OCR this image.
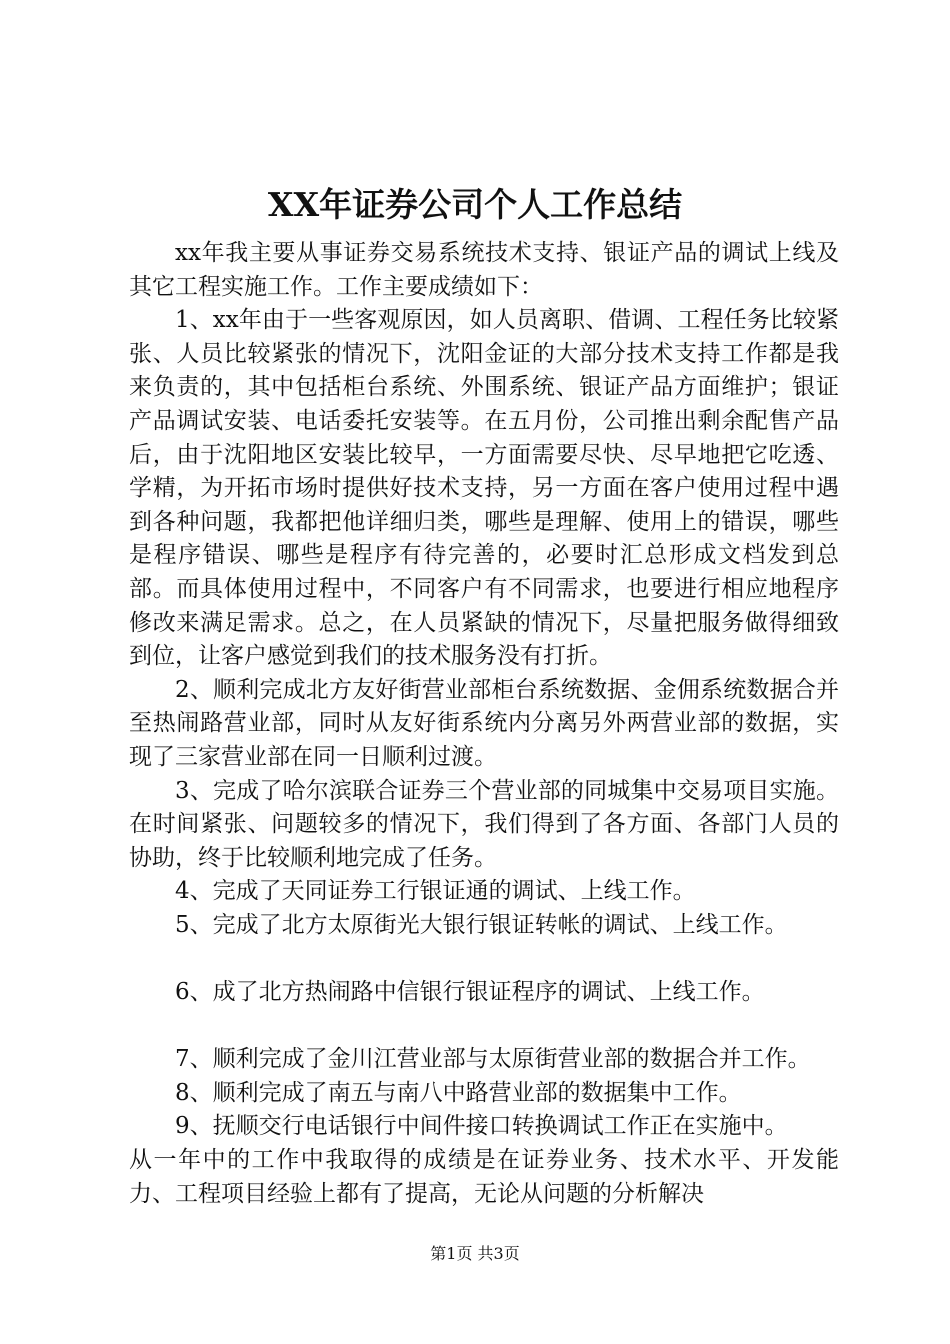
XX年证券公司个人工作总结

xx年我主要从事证券交易系统技术支持、银证产品的调试上线及其它工程实施工作。工作主要成绩如下：

1、xx年由于一些客观原因，如人员离职、借调、工程任务比较紧张、人员比较紧张的情况下，沈阳金证的大部分技术支持工作都是我来负责的，其中包括柜台系统、外围系统、银证产品方面维护；银证产品调试安装、电话委托安装等。在五月份，公司推出剩余配售产品后，由于沈阳地区安装比较早，一方面需要尽快、尽早地把它吃透、学精，为开拓市场时提供好技术支持，另一方面在客户使用过程中遇到各种问题，我都把他详细归类，哪些是理解、使用上的错误，哪些是程序错误、哪些是程序有待完善的，必要时汇总形成文档发到总部。而具体使用过程中，不同客户有不同需求，也要进行相应地程序修改来满足需求。总之，在人员紧缺的情况下，尽量把服务做得细致到位，让客户感觉到我们的技术服务没有打折。

2、顺利完成北方友好街营业部柜台系统数据、金佣系统数据合并至热闹路营业部，同时从友好街系统内分离另外两营业部的数据，实现了三家营业部在同一日顺利过渡。

3、完成了哈尔滨联合证券三个营业部的同城集中交易项目实施。在时间紧张、问题较多的情况下，我们得到了各方面、各部门人员的协助，终于比较顺利地完成了任务。

4、完成了天同证券工行银证通的调试、上线工作。

5、完成了北方太原街光大银行银证转帐的调试、上线工作。

6、成了北方热闹路中信银行银证程序的调试、上线工作。

7、顺利完成了金川江营业部与太原街营业部的数据合并工作。

8、顺利完成了南五与南八中路营业部的数据集中工作。

9、抚顺交行电话银行中间件接口转换调试工作正在实施中。

从一年中的工作中我取得的成绩是在证券业务、技术水平、开发能力、工程项目经验上都有了提高，无论从问题的分析解决

第1页 共3页
